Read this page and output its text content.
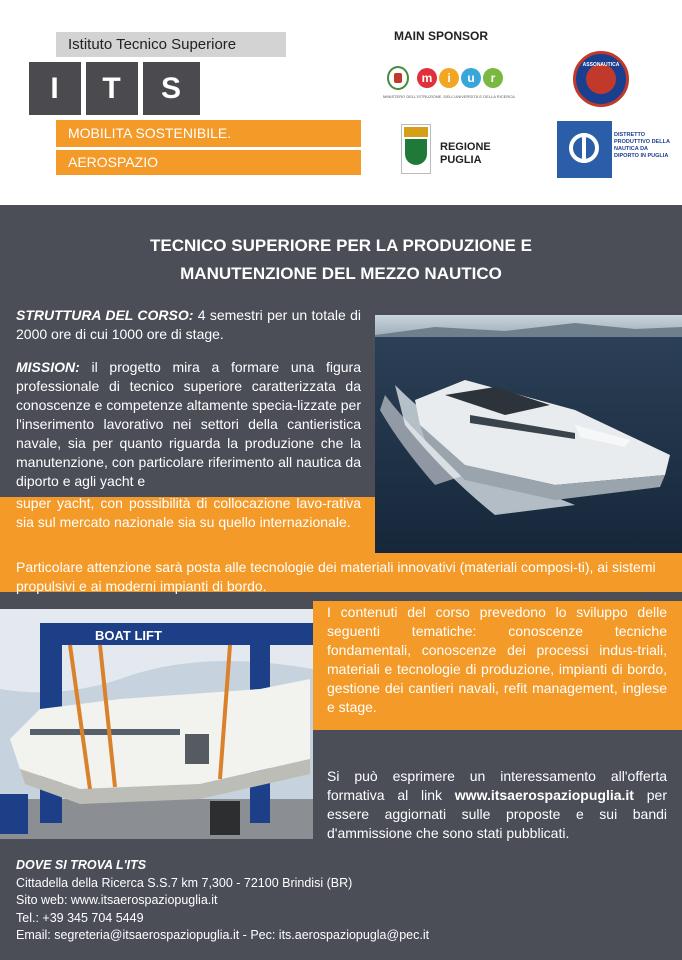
Istituto Tecnico Superiore
I	T	S
MOBILITA SOSTENIBILE.
AEROSPAZIO
MAIN SPONSOR
m	i	u	r
MINISTERO DELL'ISTRUZIONE, DELL'UNIVERSITÀ E DELLA RICERCA
ASSONAUTICA
REGIONE
PUGLIA
DISTRETTO PRODUTTIVO DELLA NAUTICA DA DIPORTO IN PUGLIA
TECNICO SUPERIORE PER LA PRODUZIONE E
MANUTENZIONE DEL MEZZO NAUTICO
STRUTTURA DEL CORSO: 4 semestri per un totale di 2000 ore di cui 1000 ore di stage.
MISSION: il progetto mira a formare una figura professionale di tecnico superiore caratterizzata da conoscenze e competenze altamente specia-lizzate per l'inserimento lavorativo nei settori della cantieristica navale, sia per quanto riguarda la produzione che la manutenzione, con particolare riferimento all nautica da diporto e agli yacht e
super yacht, con possibilità di collocazione lavo-rativa sia sul mercato nazionale sia su quello internazionale.
Particolare attenzione sarà posta alle tecnologie dei materiali innovativi (materiali composi-ti), ai sistemi propulsivi e ai moderni impianti di bordo.
I contenuti del corso prevedono lo sviluppo delle seguenti tematiche: conoscenze tecniche fondamentali, conoscenze dei processi indus-triali, materiali e tecnologie di produzione, impianti di bordo, gestione dei cantieri navali, refit management, inglese e stage.
Si può esprimere un interessamento all'offerta formativa al link www.itsaerospaziopuglia.it per essere aggiornati sulle proposte e sui bandi d'ammissione che sono stati pubblicati.
BOAT LIFT
DOVE SI TROVA L'ITS
Cittadella della Ricerca S.S.7 km 7,300 - 72100 Brindisi (BR)
Sito web: www.itsaerospaziopuglia.it
Tel.: +39 345 704 5449
Email: segreteria@itsaerospaziopuglia.it - Pec: its.aerospaziopugla@pec.it
